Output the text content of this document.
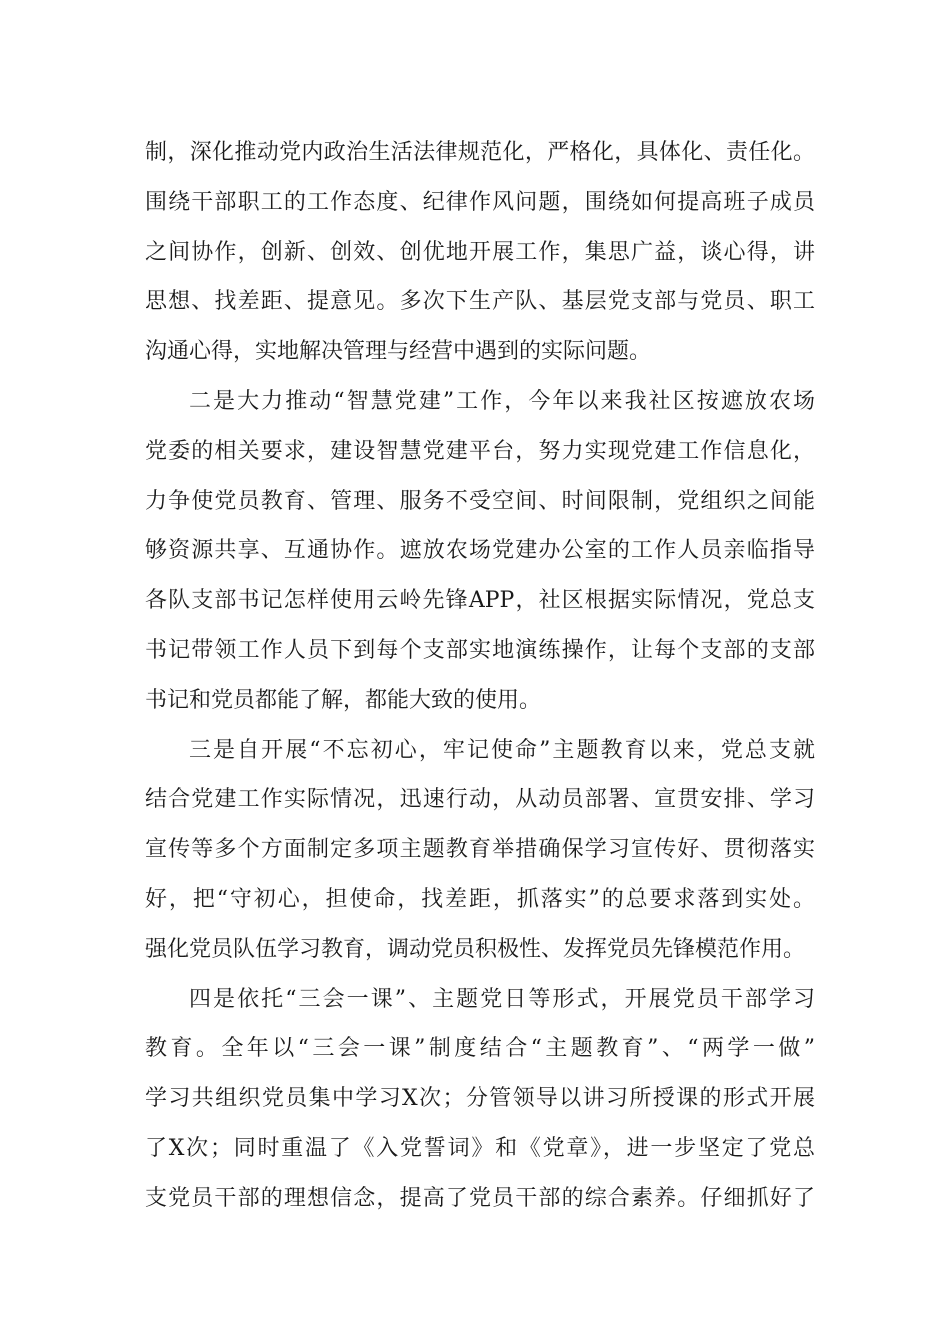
制，深化推动党内政治生活法律规范化，严格化，具体化、责任化。
围绕干部职工的工作态度、纪律作风问题，围绕如何提高班子成员
之间协作，创新、创效、创优地开展工作，集思广益，谈心得，讲
思想、找差距、提意见。多次下生产队、基层党支部与党员、职工
沟通心得，实地解决管理与经营中遇到的实际问题。
二是大力推动“智慧党建”工作，今年以来我社区按遮放农场
党委的相关要求，建设智慧党建平台，努力实现党建工作信息化，
力争使党员教育、管理、服务不受空间、时间限制，党组织之间能
够资源共享、互通协作。遮放农场党建办公室的工作人员亲临指导
各队支部书记怎样使用云岭先锋APP，社区根据实际情况，党总支
书记带领工作人员下到每个支部实地演练操作，让每个支部的支部
书记和党员都能了解，都能大致的使用。
三是自开展“不忘初心，牢记使命”主题教育以来，党总支就
结合党建工作实际情况，迅速行动，从动员部署、宣贯安排、学习
宣传等多个方面制定多项主题教育举措确保学习宣传好、贯彻落实
好，把“守初心，担使命，找差距，抓落实”的总要求落到实处。
强化党员队伍学习教育，调动党员积极性、发挥党员先锋模范作用。
四是依托“三会一课”、主题党日等形式，开展党员干部学习
教育。全年以“三会一课”制度结合“主题教育”、“两学一做”
学习共组织党员集中学习X次；分管领导以讲习所授课的形式开展
了X次；同时重温了《入党誓词》和《党章》，进一步坚定了党总
支党员干部的理想信念，提高了党员干部的综合素养。仔细抓好了
